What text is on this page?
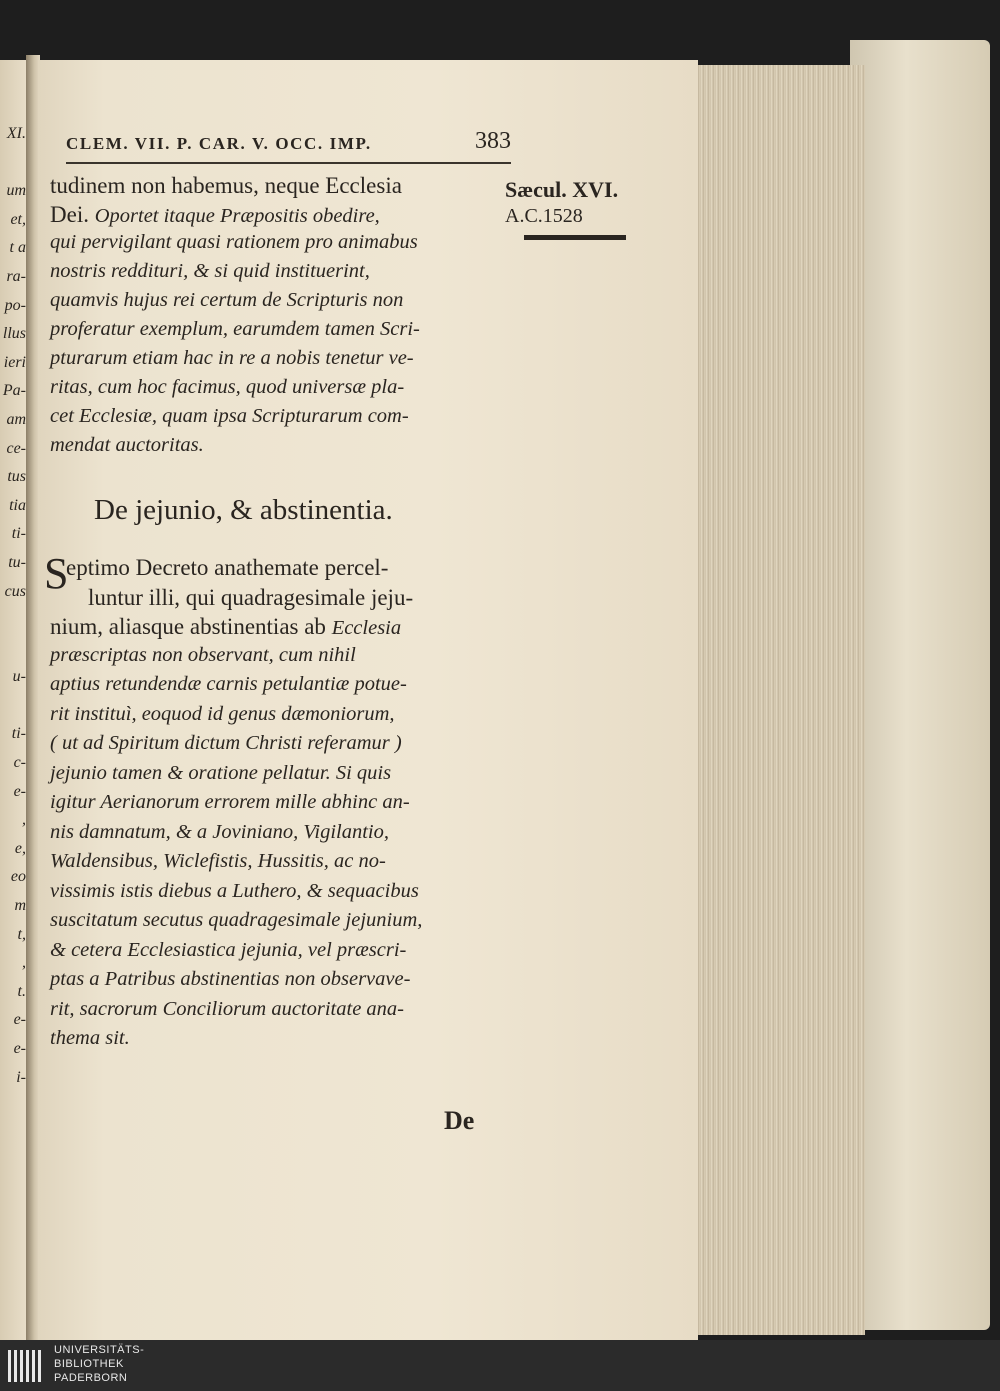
XI.

um
et,
t a
ra-
po-
llus
ieri
Pa-
am
ce-
tus
tia
ti-
tu-
cus

u-

ti-
c-
e-
,
e,
eo
m
t,
,
t.
e-
e-
i-
CLEM. VII. P. CAR. V. OCC. IMP.	383
Sæcul. XVI.
A.C.1528
tudinem non habemus, neque Ecclesia
Dei. Oportet itaque Præpositis obedire,
qui pervigilant quasi rationem pro animabus
nostris reddituri, & si quid instituerint,
quamvis hujus rei certum de Scripturis non
proferatur exemplum, earumdem tamen Scri-
pturarum etiam hac in re a nobis tenetur ve-
ritas, cum hoc facimus, quod universæ pla-
cet Ecclesiæ, quam ipsa Scripturarum com-
mendat auctoritas.
De jejunio, & abstinentia.
S
eptimo Decreto anathemate percel-
luntur illi, qui quadragesimale jeju-
nium, aliasque abstinentias ab Ecclesia
præscriptas non observant, cum nihil
aptius retundendæ carnis petulantiæ potue-
rit instituì, eoquod id genus dæmoniorum,
( ut ad Spiritum dictum Christi referamur )
jejunio tamen & oratione pellatur. Si quis
igitur Aerianorum errorem mille abhinc an-
nis damnatum, & a Joviniano, Vigilantio,
Waldensibus, Wiclefistis, Hussitis, ac no-
vissimis istis diebus a Luthero, & sequacibus
suscitatum secutus quadragesimale jejunium,
& cetera Ecclesiastica jejunia, vel præscri-
ptas a Patribus abstinentias non observave-
rit, sacrorum Conciliorum auctoritate ana-
thema sit.
De
UNIVERSITÄTS-
BIBLIOTHEK
PADERBORN
